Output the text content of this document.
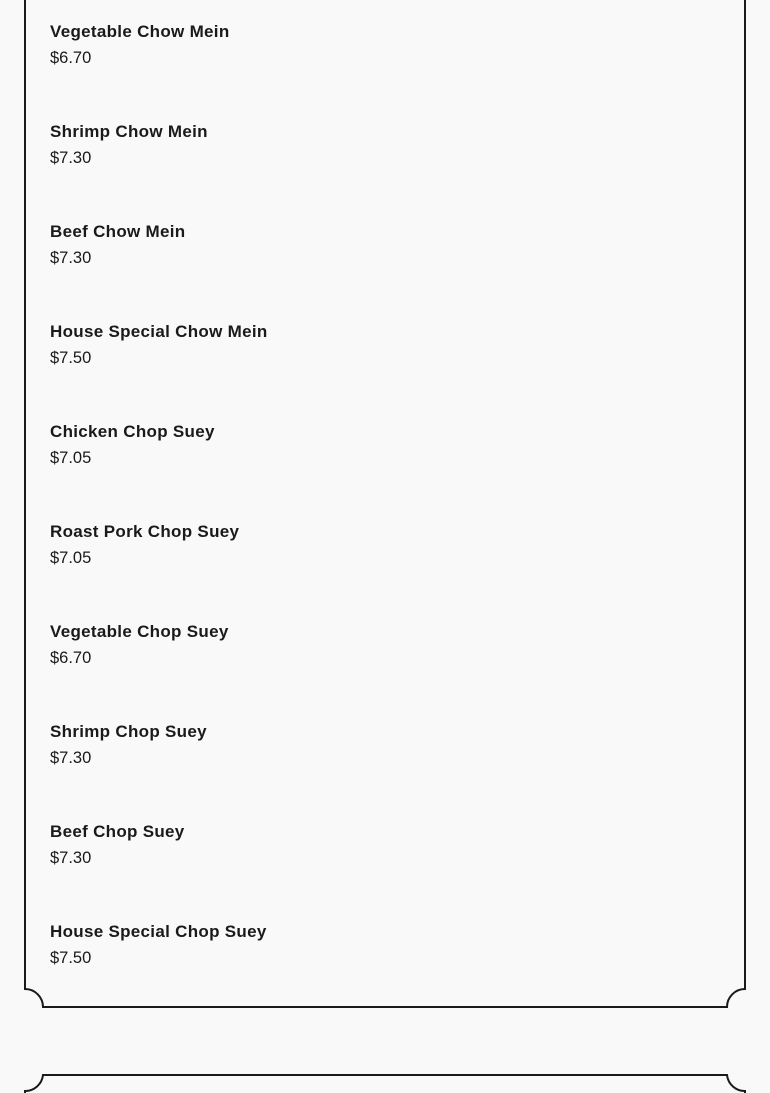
Vegetable Chow Mein
$6.70
Shrimp Chow Mein
$7.30
Beef Chow Mein
$7.30
House Special Chow Mein
$7.50
Chicken Chop Suey
$7.05
Roast Pork Chop Suey
$7.05
Vegetable Chop Suey
$6.70
Shrimp Chop Suey
$7.30
Beef Chop Suey
$7.30
House Special Chop Suey
$7.50
